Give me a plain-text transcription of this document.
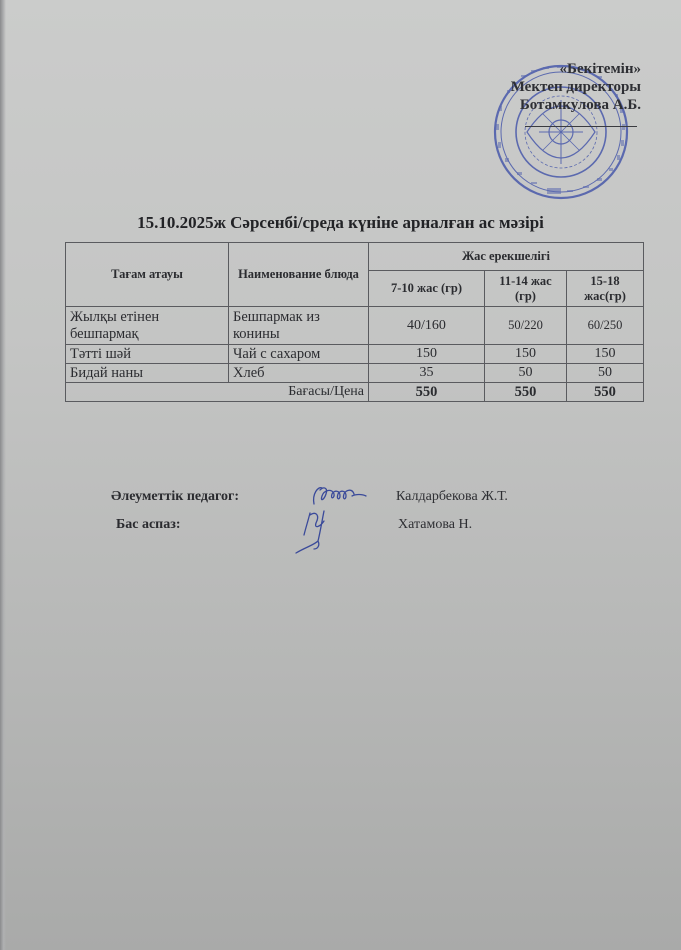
«Бекітемін»
Мектеп директоры
Ботамкулова А.Б.
15.10.2025ж Сәрсенбі/среда күніне арналған ас мәзірі
Тағам атауы	Наименование блюда	Жас ерекшелігі		
		7-10 жас (гр)	11-14 жас (гр)	15-18 жас(гр)
Жылқы етінен бешпармақ	Бешпармак из конины	40/160	50/220	60/250
Тәтті шәй	Чай с сахаром	150	150	150
Бидай наны	Хлеб	35	50	50
Бағасы/Цена		550	550	550
Әлеуметтік педагог:	Калдарбекова Ж.Т.
Бас аспаз:	Хатамова Н.
